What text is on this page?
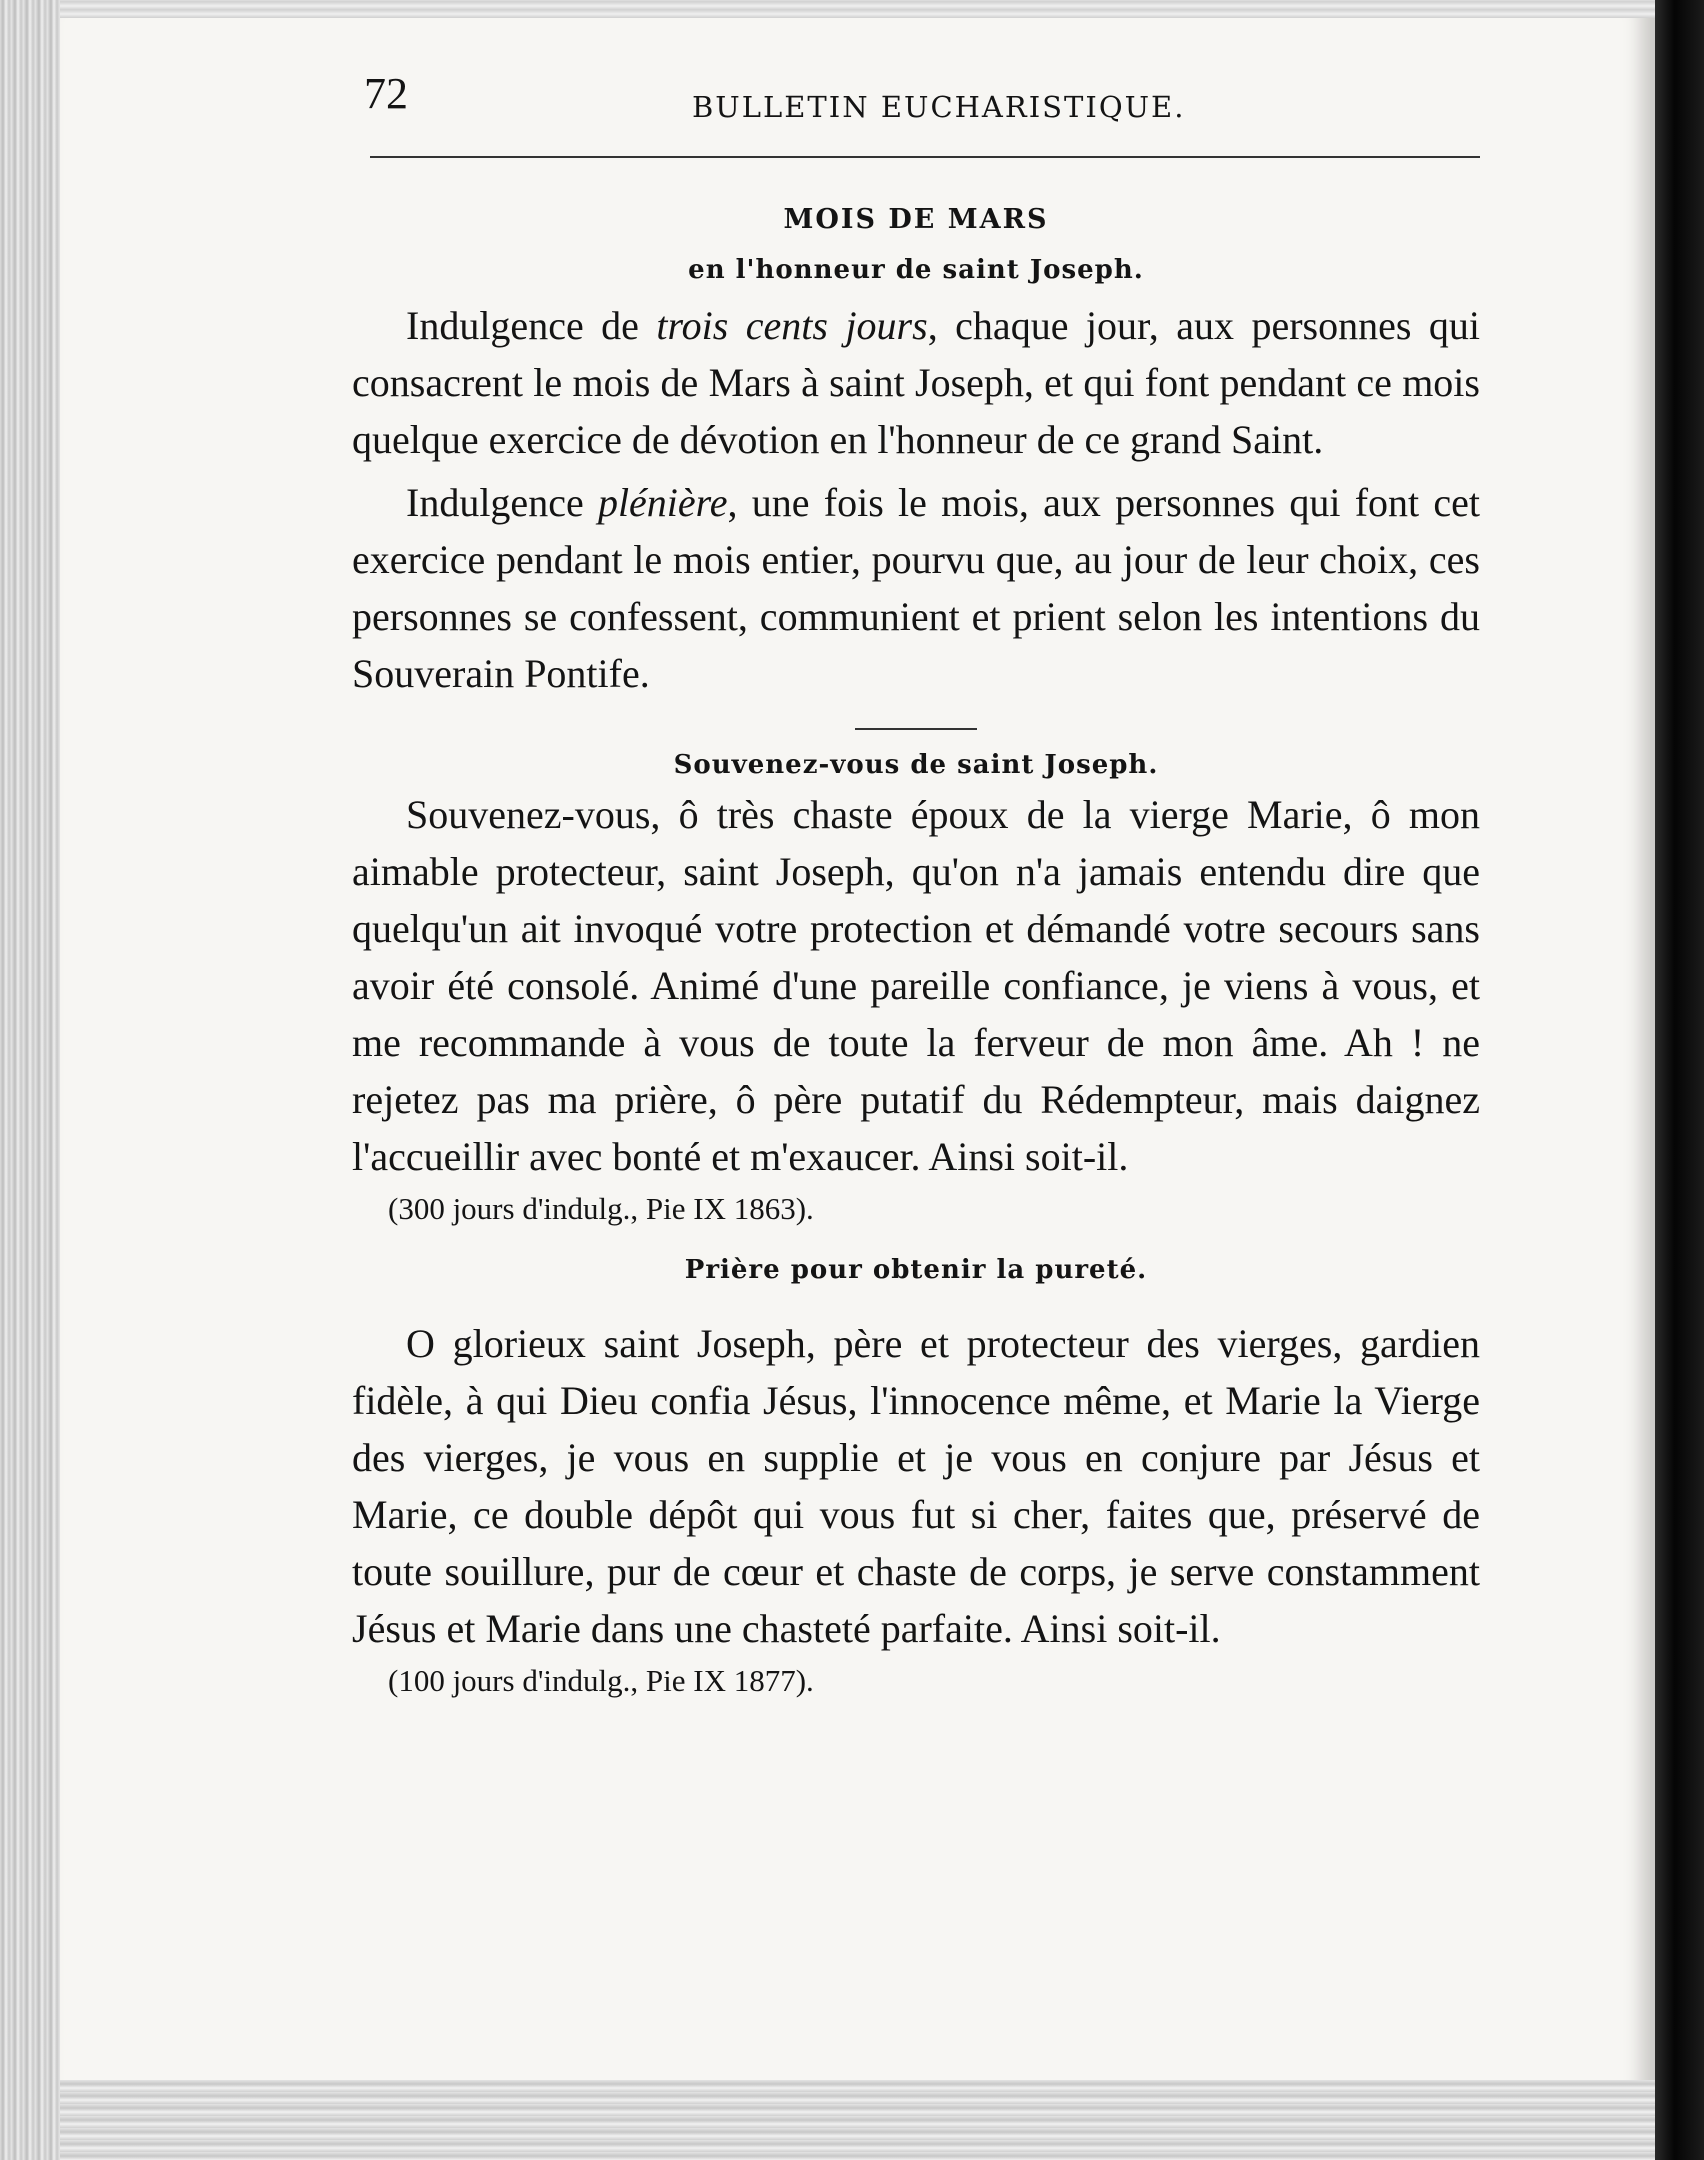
72	BULLETIN EUCHARISTIQUE.
MOIS DE MARS
en l'honneur de saint Joseph.

Indulgence de trois cents jours, chaque jour, aux personnes qui consacrent le mois de Mars à saint Joseph, et qui font pendant ce mois quelque exercice de dévotion en l'honneur de ce grand Saint.

Indulgence plénière, une fois le mois, aux personnes qui font cet exercice pendant le mois entier, pourvu que, au jour de leur choix, ces personnes se confessent, communient et prient selon les intentions du Souverain Pontife.

Souvenez-vous de saint Joseph.

Souvenez-vous, ô très chaste époux de la vierge Marie, ô mon aimable protecteur, saint Joseph, qu'on n'a jamais entendu dire que quelqu'un ait invoqué votre protection et démandé votre secours sans avoir été consolé. Animé d'une pareille confiance, je viens à vous, et me recommande à vous de toute la ferveur de mon âme. Ah ! ne rejetez pas ma prière, ô père putatif du Rédempteur, mais daignez l'accueillir avec bonté et m'exaucer. Ainsi soit-il.

(300 jours d'indulg., Pie IX 1863).
Prière pour obtenir la pureté.

O glorieux saint Joseph, père et protecteur des vierges, gardien fidèle, à qui Dieu confia Jésus, l'innocence même, et Marie la Vierge des vierges, je vous en supplie et je vous en conjure par Jésus et Marie, ce double dépôt qui vous fut si cher, faites que, préservé de toute souillure, pur de cœur et chaste de corps, je serve constamment Jésus et Marie dans une chasteté parfaite. Ainsi soit-il.

(100 jours d'indulg., Pie IX 1877).
